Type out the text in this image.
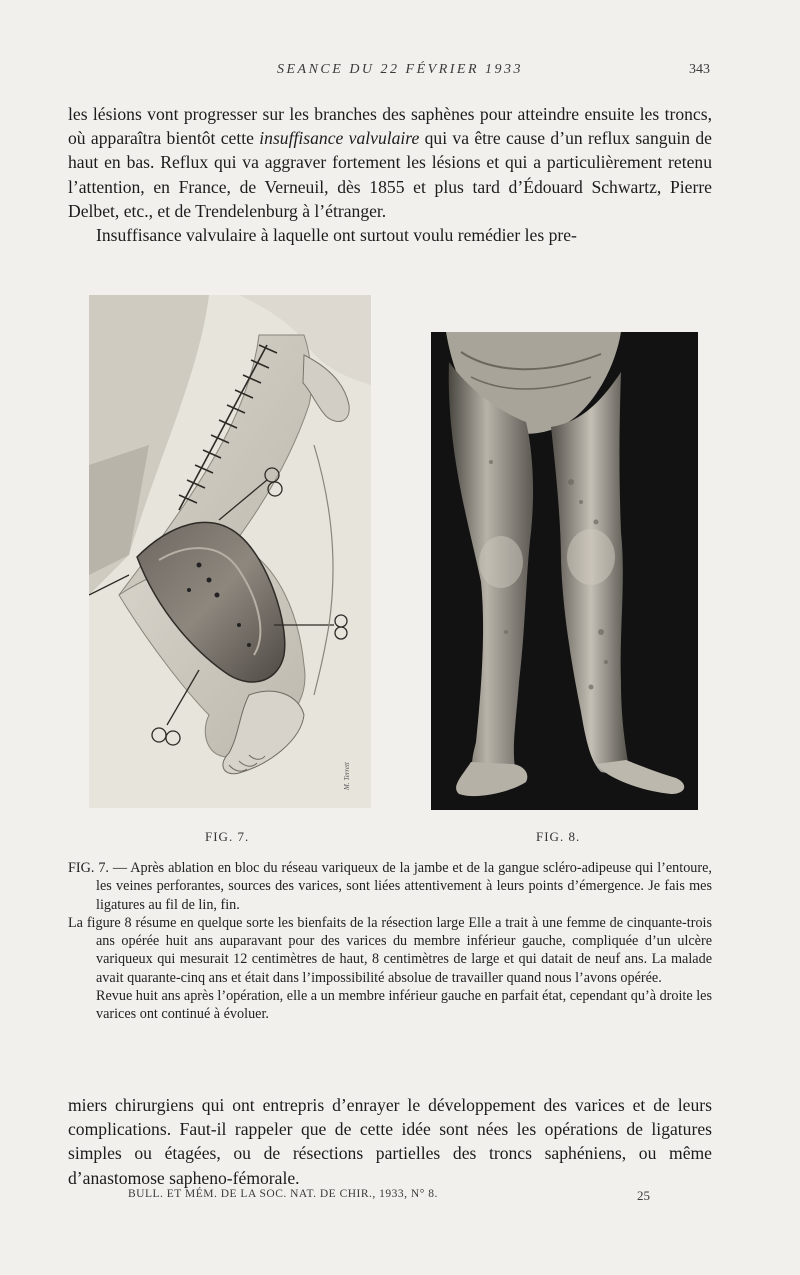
SEANCE DU 22 FÉVRIER 1933	343

les lésions vont progresser sur les branches des saphènes pour atteindre ensuite les troncs, où apparaîtra bientôt cette insuffisance valvulaire qui va être cause d’un reflux sanguin de haut en bas. Reflux qui va aggraver fortement les lésions et qui a particulièrement retenu l’attention, en France, de Verneuil, dès 1855 et plus tard d’Édouard Schwartz, Pierre Delbet, etc., et de Trendelenburg à l’étranger.

Insuffisance valvulaire à laquelle ont surtout voulu remédier les pre-

M. Terrett
FIG. 7.	FIG. 8.

FIG. 7. — Après ablation en bloc du réseau variqueux de la jambe et de la gangue scléro-adipeuse qui l’entoure, les veines perforantes, sources des varices, sont liées attentivement à leurs points d’émergence. Je fais mes ligatures au fil de lin, fin.

La figure 8 résume en quelque sorte les bienfaits de la résection large Elle a trait à une femme de cinquante-trois ans opérée huit ans auparavant pour des varices du membre inférieur gauche, compliquée d’un ulcère variqueux qui mesurait 12 centimètres de haut, 8 centimètres de large et qui datait de neuf ans. La malade avait quarante-cinq ans et était dans l’impossibilité absolue de travailler quand nous l’avons opérée.

Revue huit ans après l’opération, elle a un membre inférieur gauche en parfait état, cependant qu’à droite les varices ont continué à évoluer.

miers chirurgiens qui ont entrepris d’enrayer le développement des varices et de leurs complications. Faut-il rappeler que de cette idée sont nées les opérations de ligatures simples ou étagées, ou de résections partielles des troncs saphéniens, ou même d’anastomose sapheno-fémorale.

BULL. ET MÉM. DE LA SOC. NAT. DE CHIR., 1933, N° 8.	25
